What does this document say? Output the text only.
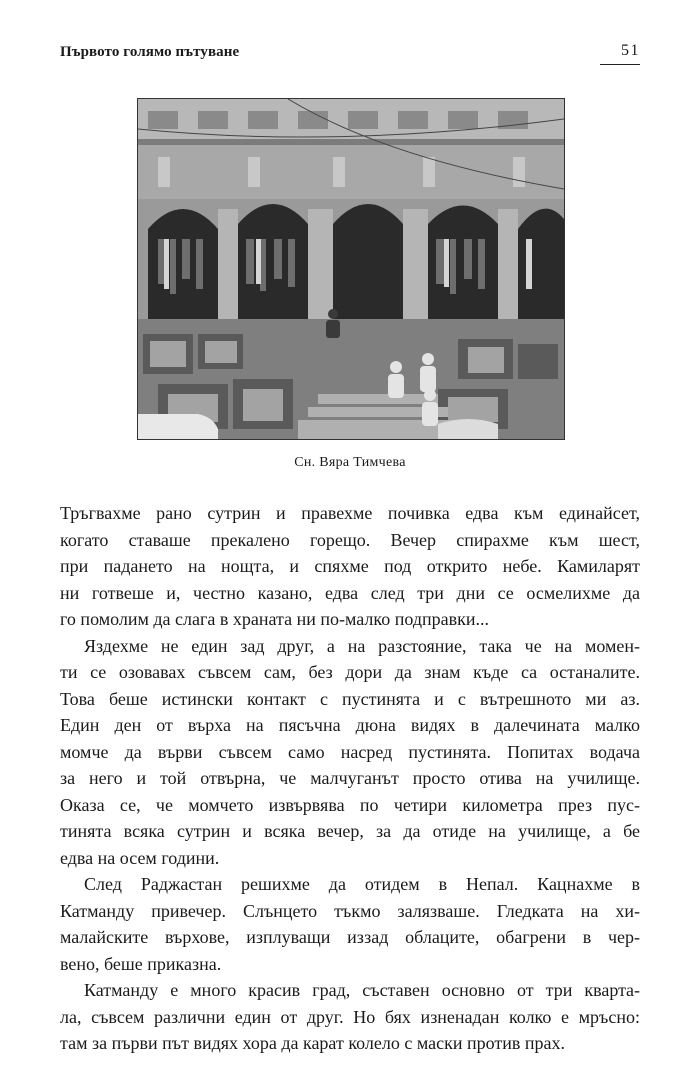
Първото голямо пътуване	51
Сн. Вяра Тимчева
Тръгвахме рано сутрин и правехме почивка едва към единайсет,
когато ставаше прекалено горещо. Вечер спирахме към шест,
при падането на нощта, и спяхме под открито небе. Камиларят
ни готвеше и, честно казано, едва след три дни се осмелихме да
го помолим да слага в храната ни по-малко подправки...
Яздехме не един зад друг, а на разстояние, така че на момен-
ти се озовавах съвсем сам, без дори да знам къде са останалите.
Това беше истински контакт с пустинята и с вътрешното ми аз.
Един ден от върха на пясъчна дюна видях в далечината малко
момче да върви съвсем само насред пустинята. Попитах водача
за него и той отвърна, че малчуганът просто отива на училище.
Оказа се, че момчето извървява по четири километра през пус-
тинята всяка сутрин и всяка вечер, за да отиде на училище, а бе
едва на осем години.
След Раджастан решихме да отидем в Непал. Кацнахме в
Катманду привечер. Слънцето тъкмо залязваше. Гледката на хи-
малайските върхове, изплуващи иззад облаците, обагрени в чер-
вено, беше приказна.
Катманду е много красив град, съставен основно от три квартa-
ла, съвсем различни един от друг. Но бях изненадан колко е мръсно:
там за първи път видях хора да карат колело с маски против прах.
